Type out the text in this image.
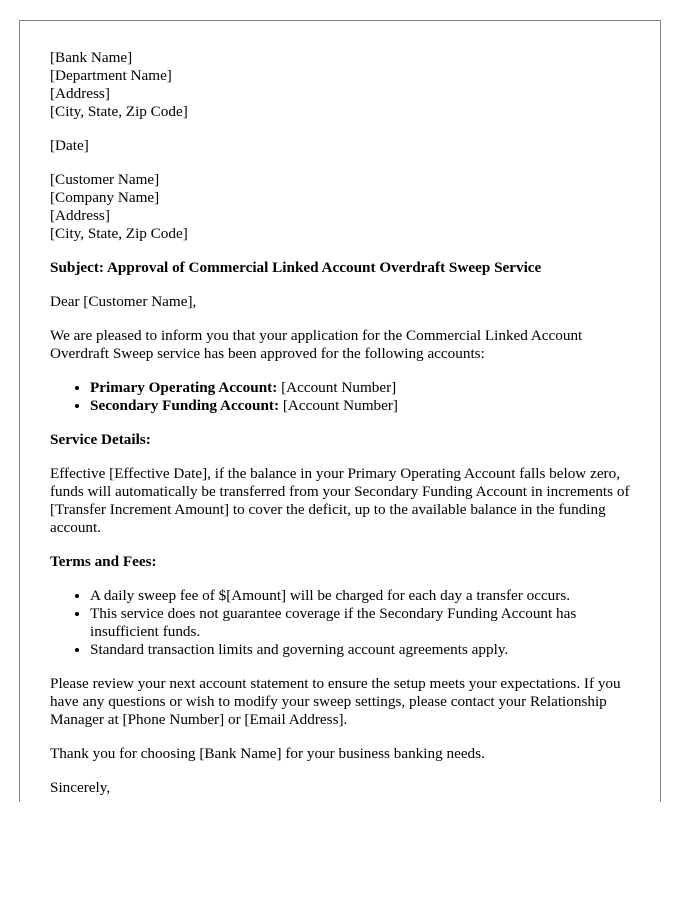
[Bank Name]
[Department Name]
[Address]
[City, State, Zip Code]
[Date]
[Customer Name]
[Company Name]
[Address]
[City, State, Zip Code]

Subject: Approval of Commercial Linked Account Overdraft Sweep Service

Dear [Customer Name],

We are pleased to inform you that your application for the Commercial Linked Account Overdraft Sweep service has been approved for the following accounts:

• Primary Operating Account: [Account Number]
• Secondary Funding Account: [Account Number]
Service Details:

Effective [Effective Date], if the balance in your Primary Operating Account falls below zero, funds will automatically be transferred from your Secondary Funding Account in increments of [Transfer Increment Amount] to cover the deficit, up to the available balance in the funding account.

Terms and Fees:
• A daily sweep fee of $[Amount] will be charged for each day a transfer occurs.
• This service does not guarantee coverage if the Secondary Funding Account has insufficient funds.
• Standard transaction limits and governing account agreements apply.

Please review your next account statement to ensure the setup meets your expectations. If you have any questions or wish to modify your sweep settings, please contact your Relationship Manager at [Phone Number] or [Email Address].

Thank you for choosing [Bank Name] for your business banking needs.

Sincerely,
